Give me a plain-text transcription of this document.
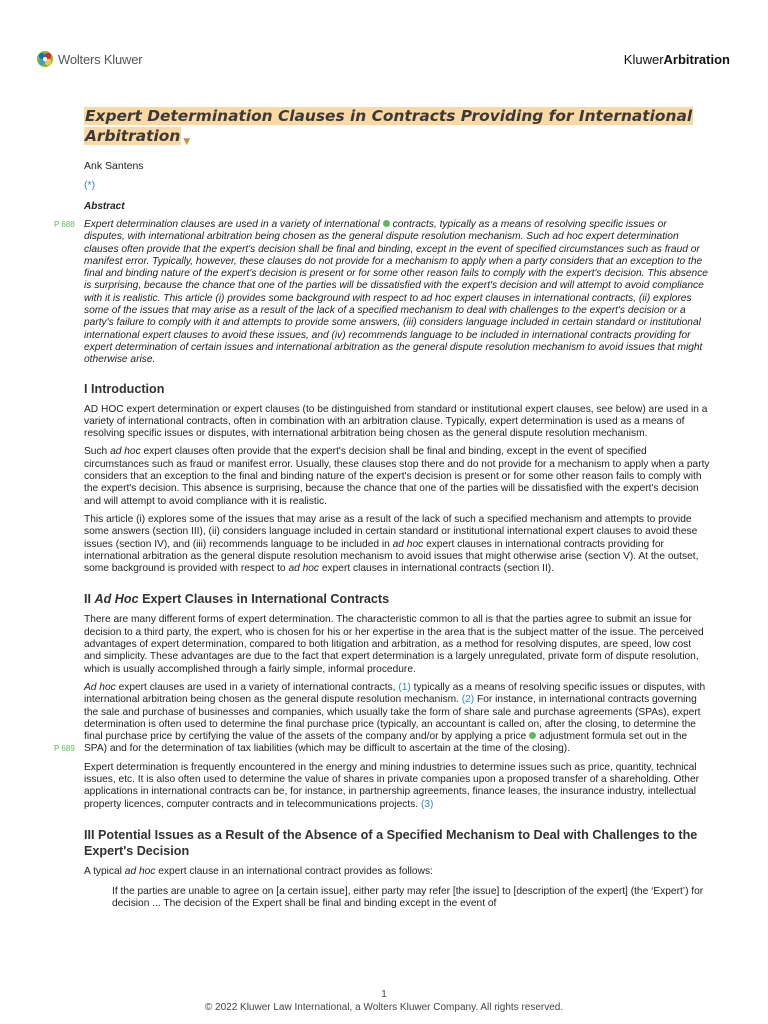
Wolters Kluwer	KluwerArbitration
Expert Determination Clauses in Contracts Providing for International Arbitration ▼
Ank Santens
(*)
Abstract

P 688 Expert determination clauses are used in a variety of international contracts, typically as a means of resolving specific issues or disputes, with international arbitration being chosen as the general dispute resolution mechanism. Such ad hoc expert determination clauses often provide that the expert's decision shall be final and binding, except in the event of specified circumstances such as fraud or manifest error. Typically, however, these clauses do not provide for a mechanism to apply when a party considers that an exception to the final and binding nature of the expert's decision is present or for some other reason fails to comply with the expert's decision. This absence is surprising, because the chance that one of the parties will be dissatisfied with the expert's decision and will attempt to avoid compliance with it is realistic. This article (i) provides some background with respect to ad hoc expert clauses in international contracts, (ii) explores some of the issues that may arise as a result of the lack of a specified mechanism to deal with challenges to the expert's decision or a party's failure to comply with it and attempts to provide some answers, (iii) considers language included in certain standard or institutional international expert clauses to avoid these issues, and (iv) recommends language to be included in international contracts providing for expert determination of certain issues and international arbitration as the general dispute resolution mechanism to avoid issues that might otherwise arise.

I Introduction

AD HOC expert determination or expert clauses (to be distinguished from standard or institutional expert clauses, see below) are used in a variety of international contracts, often in combination with an arbitration clause. Typically, expert determination is used as a means of resolving specific issues or disputes, with international arbitration being chosen as the general dispute resolution mechanism.

Such ad hoc expert clauses often provide that the expert's decision shall be final and binding, except in the event of specified circumstances such as fraud or manifest error. Usually, these clauses stop there and do not provide for a mechanism to apply when a party considers that an exception to the final and binding nature of the expert's decision is present or for some other reason fails to comply with the expert's decision. This absence is surprising, because the chance that one of the parties will be dissatisfied with the expert's decision and will attempt to avoid compliance with it is realistic.

This article (i) explores some of the issues that may arise as a result of the lack of such a specified mechanism and attempts to provide some answers (section III), (ii) considers language included in certain standard or institutional international expert clauses to avoid these issues (section IV), and (iii) recommends language to be included in ad hoc expert clauses in international contracts providing for international arbitration as the general dispute resolution mechanism to avoid issues that might otherwise arise (section V). At the outset, some background is provided with respect to ad hoc expert clauses in international contracts (section II).

II Ad Hoc Expert Clauses in International Contracts

There are many different forms of expert determination. The characteristic common to all is that the parties agree to submit an issue for decision to a third party, the expert, who is chosen for his or her expertise in the area that is the subject matter of the issue. The perceived advantages of expert determination, compared to both litigation and arbitration, as a method for resolving disputes, are speed, low cost and simplicity. These advantages are due to the fact that expert determination is a largely unregulated, private form of dispute resolution, which is usually accomplished through a fairly simple, informal procedure.

P 689
Ad hoc expert clauses are used in a variety of international contracts, (1) typically as a means of resolving specific issues or disputes, with international arbitration being chosen as the general dispute resolution mechanism. (2) For instance, in international contracts governing the sale and purchase of businesses and companies, which usually take the form of share sale and purchase agreements (SPAs), expert determination is often used to determine the final purchase price (typically, an accountant is called on, after the closing, to determine the final purchase price by certifying the value of the assets of the company and/or by applying a price adjustment formula set out in the SPA) and for the determination of tax liabilities (which may be difficult to ascertain at the time of the closing).

Expert determination is frequently encountered in the energy and mining industries to determine issues such as price, quantity, technical issues, etc. It is also often used to determine the value of shares in private companies upon a proposed transfer of a shareholding. Other applications in international contracts can be, for instance, in partnership agreements, finance leases, the insurance industry, intellectual property licences, computer contracts and in telecommunications projects. (3)

III Potential Issues as a Result of the Absence of a Specified Mechanism to Deal with Challenges to the Expert's Decision

A typical ad hoc expert clause in an international contract provides as follows:

If the parties are unable to agree on [a certain issue], either party may refer [the issue] to [description of the expert] (the ‘Expert’) for decision ... The decision of the Expert shall be final and binding except in the event of

1
© 2022 Kluwer Law International, a Wolters Kluwer Company. All rights reserved.
